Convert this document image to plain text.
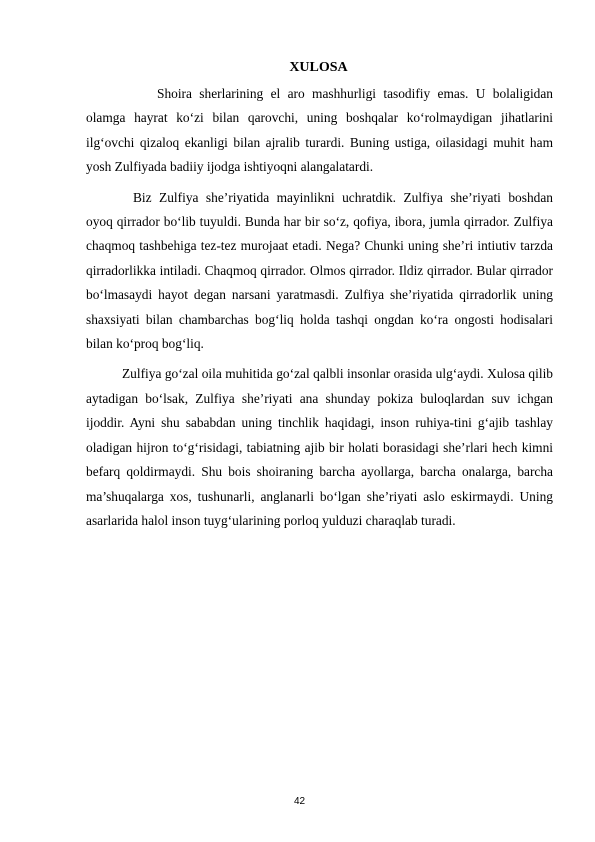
XULOSA

Shoira sherlarining el aro mashhurligi tasodifiy emas. U bolaligidan olamga hayrat ko‘zi bilan qarovchi, uning boshqalar ko‘rolmaydigan jihatlarini ilg‘ovchi qizaloq ekanligi bilan ajralib turardi. Buning ustiga, oilasidagi muhit ham yosh Zulfiyada badiiy ijodga ishtiyoqni alangalatardi.

Biz Zulfiya she’riyatida mayinlikni uchratdik. Zulfiya she’riyati boshdan oyoq qirrador bo‘lib tuyuldi. Bunda har bir so‘z, qofiya, ibora, jumla qirrador. Zulfiya chaqmoq tashbehiga tez-tez murojaat etadi. Nega? Chunki uning she’ri intiutiv tarzda qirradorlikka intiladi. Chaqmoq qirrador. Olmos qirrador. Ildiz qirrador. Bular qirrador bo‘lmasaydi hayot degan narsani yaratmasdi. Zulfiya she’riyatida qirradorlik uning shaxsiyati bilan chambarchas bog‘liq holda tashqi ongdan ko‘ra ongosti hodisalari bilan ko‘proq bog‘liq.

Zulfiya go‘zal oila muhitida go‘zal qalbli insonlar orasida ulg‘aydi. Xulosa qilib aytadigan bo‘lsak, Zulfiya she’riyati ana shunday pokiza buloqlardan suv ichgan ijoddir. Ayni shu sababdan uning tinchlik haqidagi, inson ruhiya-tini g‘ajib tashlay oladigan hijron to‘g‘risidagi, tabiatning ajib bir holati borasidagi she’rlari hech kimni befarq qoldirmaydi. Shu bois shoiraning barcha ayollarga, barcha onalarga, barcha ma’shuqalarga xos, tushunarli, anglanarli bo‘lgan she’riyati aslo eskirmaydi. Uning asarlarida halol inson tuyg‘ularining porloq yulduzi charaqlab turadi.

42
